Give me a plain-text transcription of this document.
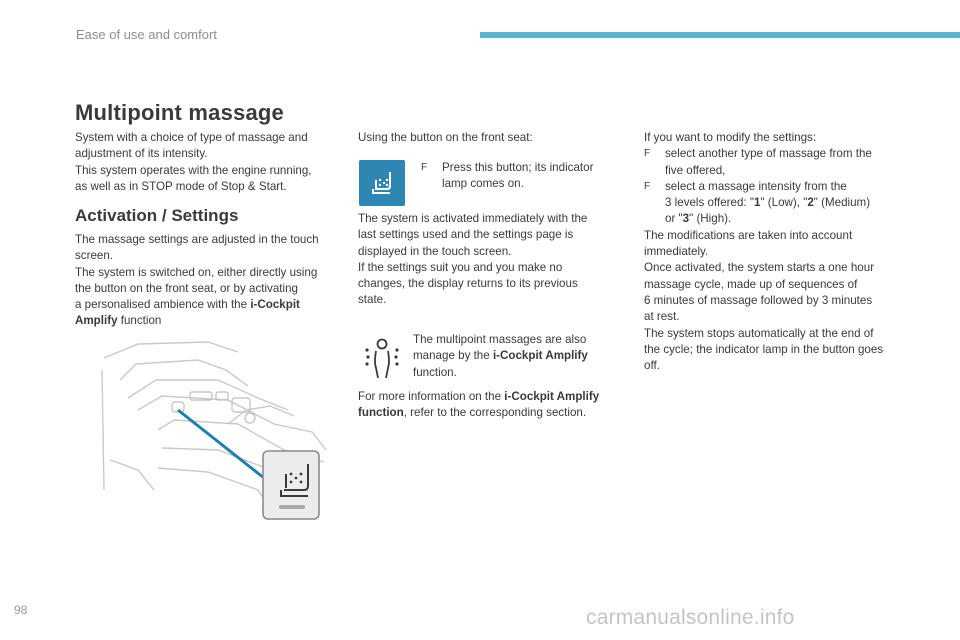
Ease of use and comfort
Multipoint massage
System with a choice of type of massage and
adjustment of its intensity.
This system operates with the engine running,
as well as in STOP mode of Stop & Start.
Activation / Settings
The massage settings are adjusted in the touch
screen.
The system is switched on, either directly using
the button on the front seat, or by activating
a personalised ambience with the i-Cockpit
Amplify function
Using the button on the front seat:
F Press this button; its indicator
lamp comes on.
The system is activated immediately with the
last settings used and the settings page is
displayed in the touch screen.
If the settings suit you and you make no
changes, the display returns to its previous
state.
The multipoint massages are also
manage by the i-Cockpit Amplify
function.
For more information on the i-Cockpit Amplify
function, refer to the corresponding section.
If you want to modify the settings:
F select another type of massage from the
five offered,
F select a massage intensity from the
3 levels offered: "1" (Low), "2" (Medium)
or "3" (High).
The modifications are taken into account
immediately.
Once activated, the system starts a one hour
massage cycle, made up of sequences of
6 minutes of massage followed by 3 minutes
at rest.
The system stops automatically at the end of
the cycle; the indicator lamp in the button goes
off.
98	carmanualsonline.info
